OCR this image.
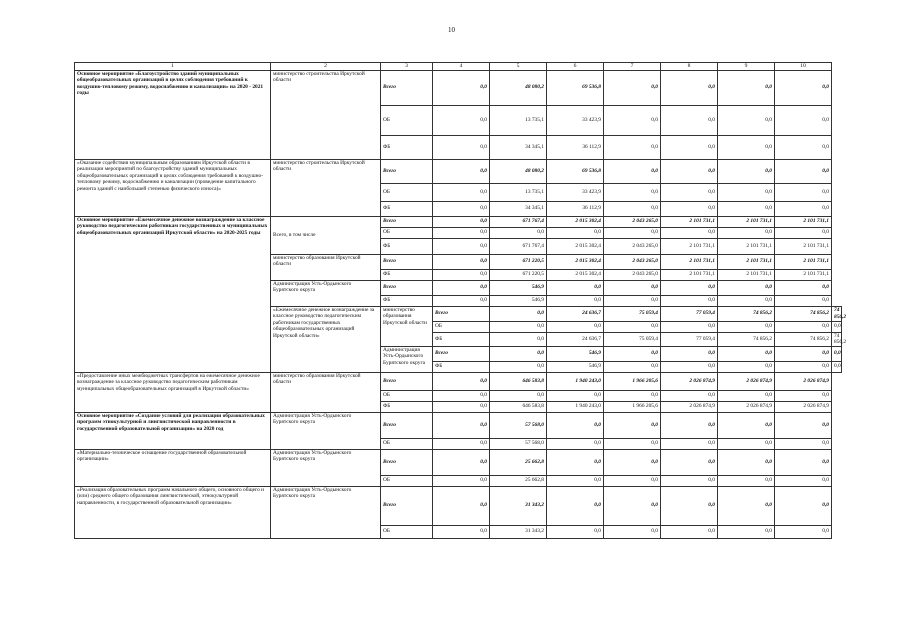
10
1	2	3	4	5	6	7	8	9	10	
Основное мероприятие «Благоустройство зданий муниципальных общеобразовательных организаций в целях соблюдения требований к воздушно-тепловому режиму, водоснабжению и канализации» на 2020 - 2021 годы	министерство строительства Иркутской области	Всего	0,0	48 080,2	69 536,8	0,0	0,0	0,0	0,0	
		ОБ	0,0	13 735,1	33 423,9	0,0	0,0	0,0	0,0	
		ФБ	0,0	34 345,1	36 112,9	0,0	0,0	0,0	0,0	
«Оказание содействия муниципальным образованиям Иркутской области в реализации мероприятий по благоустройству зданий муниципальных общеобразовательных организаций в целях соблюдения требований к воздушно-тепловому режиму, водоснабжению и канализации (проведение капитального ремонта зданий с наибольшей степенью физического износа)»	министерство строительства Иркутской области	Всего	0,0	48 080,2	69 536,8	0,0	0,0	0,0	0,0	
		ОБ	0,0	13 735,1	33 423,9	0,0	0,0	0,0	0,0	
		ФБ	0,0	34 345,1	36 112,9	0,0	0,0	0,0	0,0	
Основное мероприятие «Ежемесячное денежное вознаграждение за классное руководство педагогическим работникам государственных и муниципальных общеобразовательных организаций Иркутской области» на 2020-2025 годы	Всего, в том числе	Всего	0,0	671 767,4	2 015 302,4	2 043 265,0	2 101 731,1	2 101 731,1	2 101 731,1	
		ОБ	0,0	0,0	0,0	0,0	0,0	0,0	0,0	
		ФБ	0,0	671 767,4	2 015 302,4	2 043 265,0	2 101 731,1	2 101 731,1	2 101 731,1	
	министерство образования Иркутской области	Всего	0,0	671 220,5	2 015 302,4	2 043 265,0	2 101 731,1	2 101 731,1	2 101 731,1	
		ФБ	0,0	671 220,5	2 015 302,4	2 043 265,0	2 101 731,1	2 101 731,1	2 101 731,1	
	Администрация Усть-Ордынского Бурятского округа	Всего	0,0	546,9	0,0	0,0	0,0	0,0	0,0	
		ФБ	0,0	546,9	0,0	0,0	0,0	0,0	0,0	
	«Ежемесячное денежное вознаграждение за классное руководство педагогическим работникам государственных общеобразовательных организаций Иркутской области»	министерство образования Иркутской области	Всего	0,0	24 636,7	75 059,4	77 059,4	74 856,2	74 856,2	74 856,2
			ОБ	0,0	0,0	0,0	0,0	0,0	0,0	0,0
			ФБ	0,0	24 636,7	75 059,4	77 059,4	74 856,2	74 856,2	74 856,2
		Администрация Усть-Ордынского Бурятского округа	Всего	0,0	546,9	0,0	0,0	0,0	0,0	0,0
			ФБ	0,0	546,9	0,0	0,0	0,0	0,0	0,0
«Предоставление иных межбюджетных трансфертов на ежемесячное денежное вознаграждение за классное руководство педагогическим работникам муниципальных общеобразовательных организаций в Иркутской области»	министерство образования Иркутской области	Всего	0,0	646 583,8	1 940 243,0	1 966 205,6	2 026 874,9	2 026 874,9	2 026 874,9	
		ОБ	0,0	0,0	0,0	0,0	0,0	0,0	0,0	
		ФБ	0,0	646 583,8	1 940 243,0	1 966 205,6	2 026 874,9	2 026 874,9	2 026 874,9	
Основное мероприятие «Создание условий для реализации образовательных программ этнокультурной и лингвистической направленности в государственной образовательной организации» на 2020 год	Администрация Усть-Ордынского Бурятского округа	Всего	0,0	57 568,0	0,0	0,0	0,0	0,0	0,0	
		ОБ	0,0	57 568,0	0,0	0,0	0,0	0,0	0,0	
«Материально-техническое оснащение государственной образовательной организации»	Администрация Усть-Ордынского Бурятского округа	Всего	0,0	25 662,8	0,0	0,0	0,0	0,0	0,0	
		ОБ	0,0	25 662,8	0,0	0,0	0,0	0,0	0,0	
«Реализация образовательных программ начального общего, основного общего и (или) среднего общего образования лингвистической, этнокультурной направленности, в государственной образовательной организации»	Администрация Усть-Ордынского Бурятского округа	Всего	0,0	31 343,2	0,0	0,0	0,0	0,0	0,0	
		ОБ	0,0	31 343,2	0,0	0,0	0,0	0,0	0,0	
